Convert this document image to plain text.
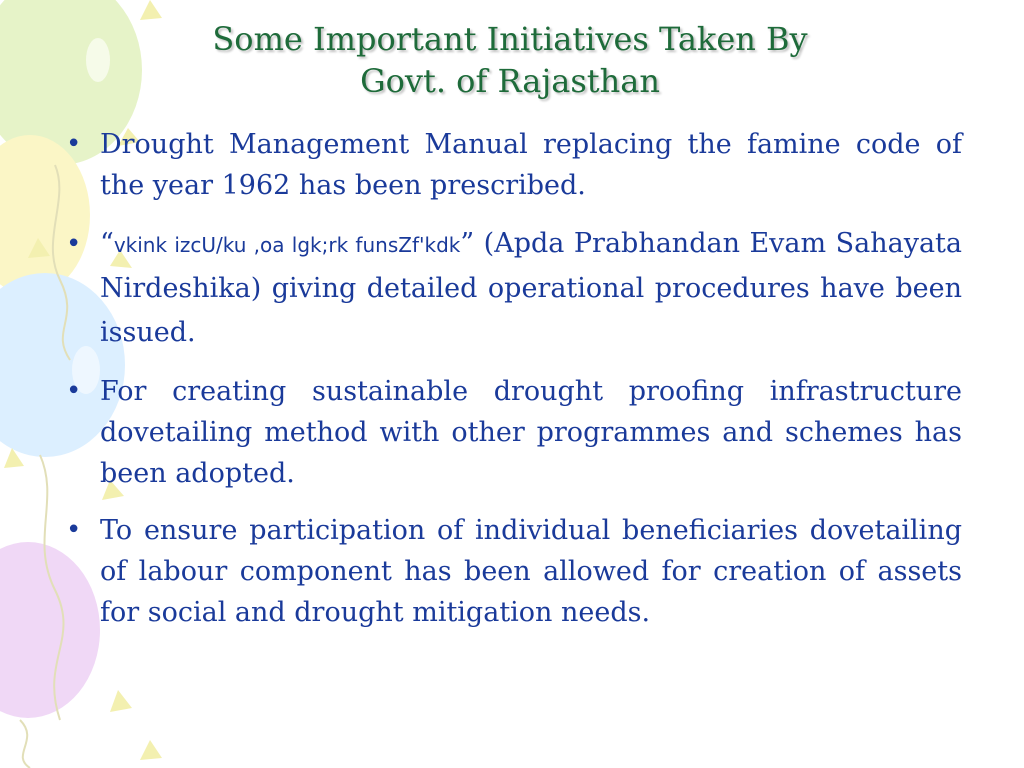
Some Important Initiatives Taken By
Govt. of Rajasthan
• Drought Management Manual replacing the famine code of the year 1962 has been prescribed.
• “vkink izcU/ku ,oa lgk;rk funsZf'kdk” (Apda Prabhandan Evam Sahayata Nirdeshika) giving detailed operational procedures have been issued.
• For creating sustainable drought proofing infrastructure dovetailing method with other programmes and schemes has been adopted.
• To ensure participation of individual beneficiaries dovetailing of labour component has been allowed for creation of assets for social and drought mitigation needs.
